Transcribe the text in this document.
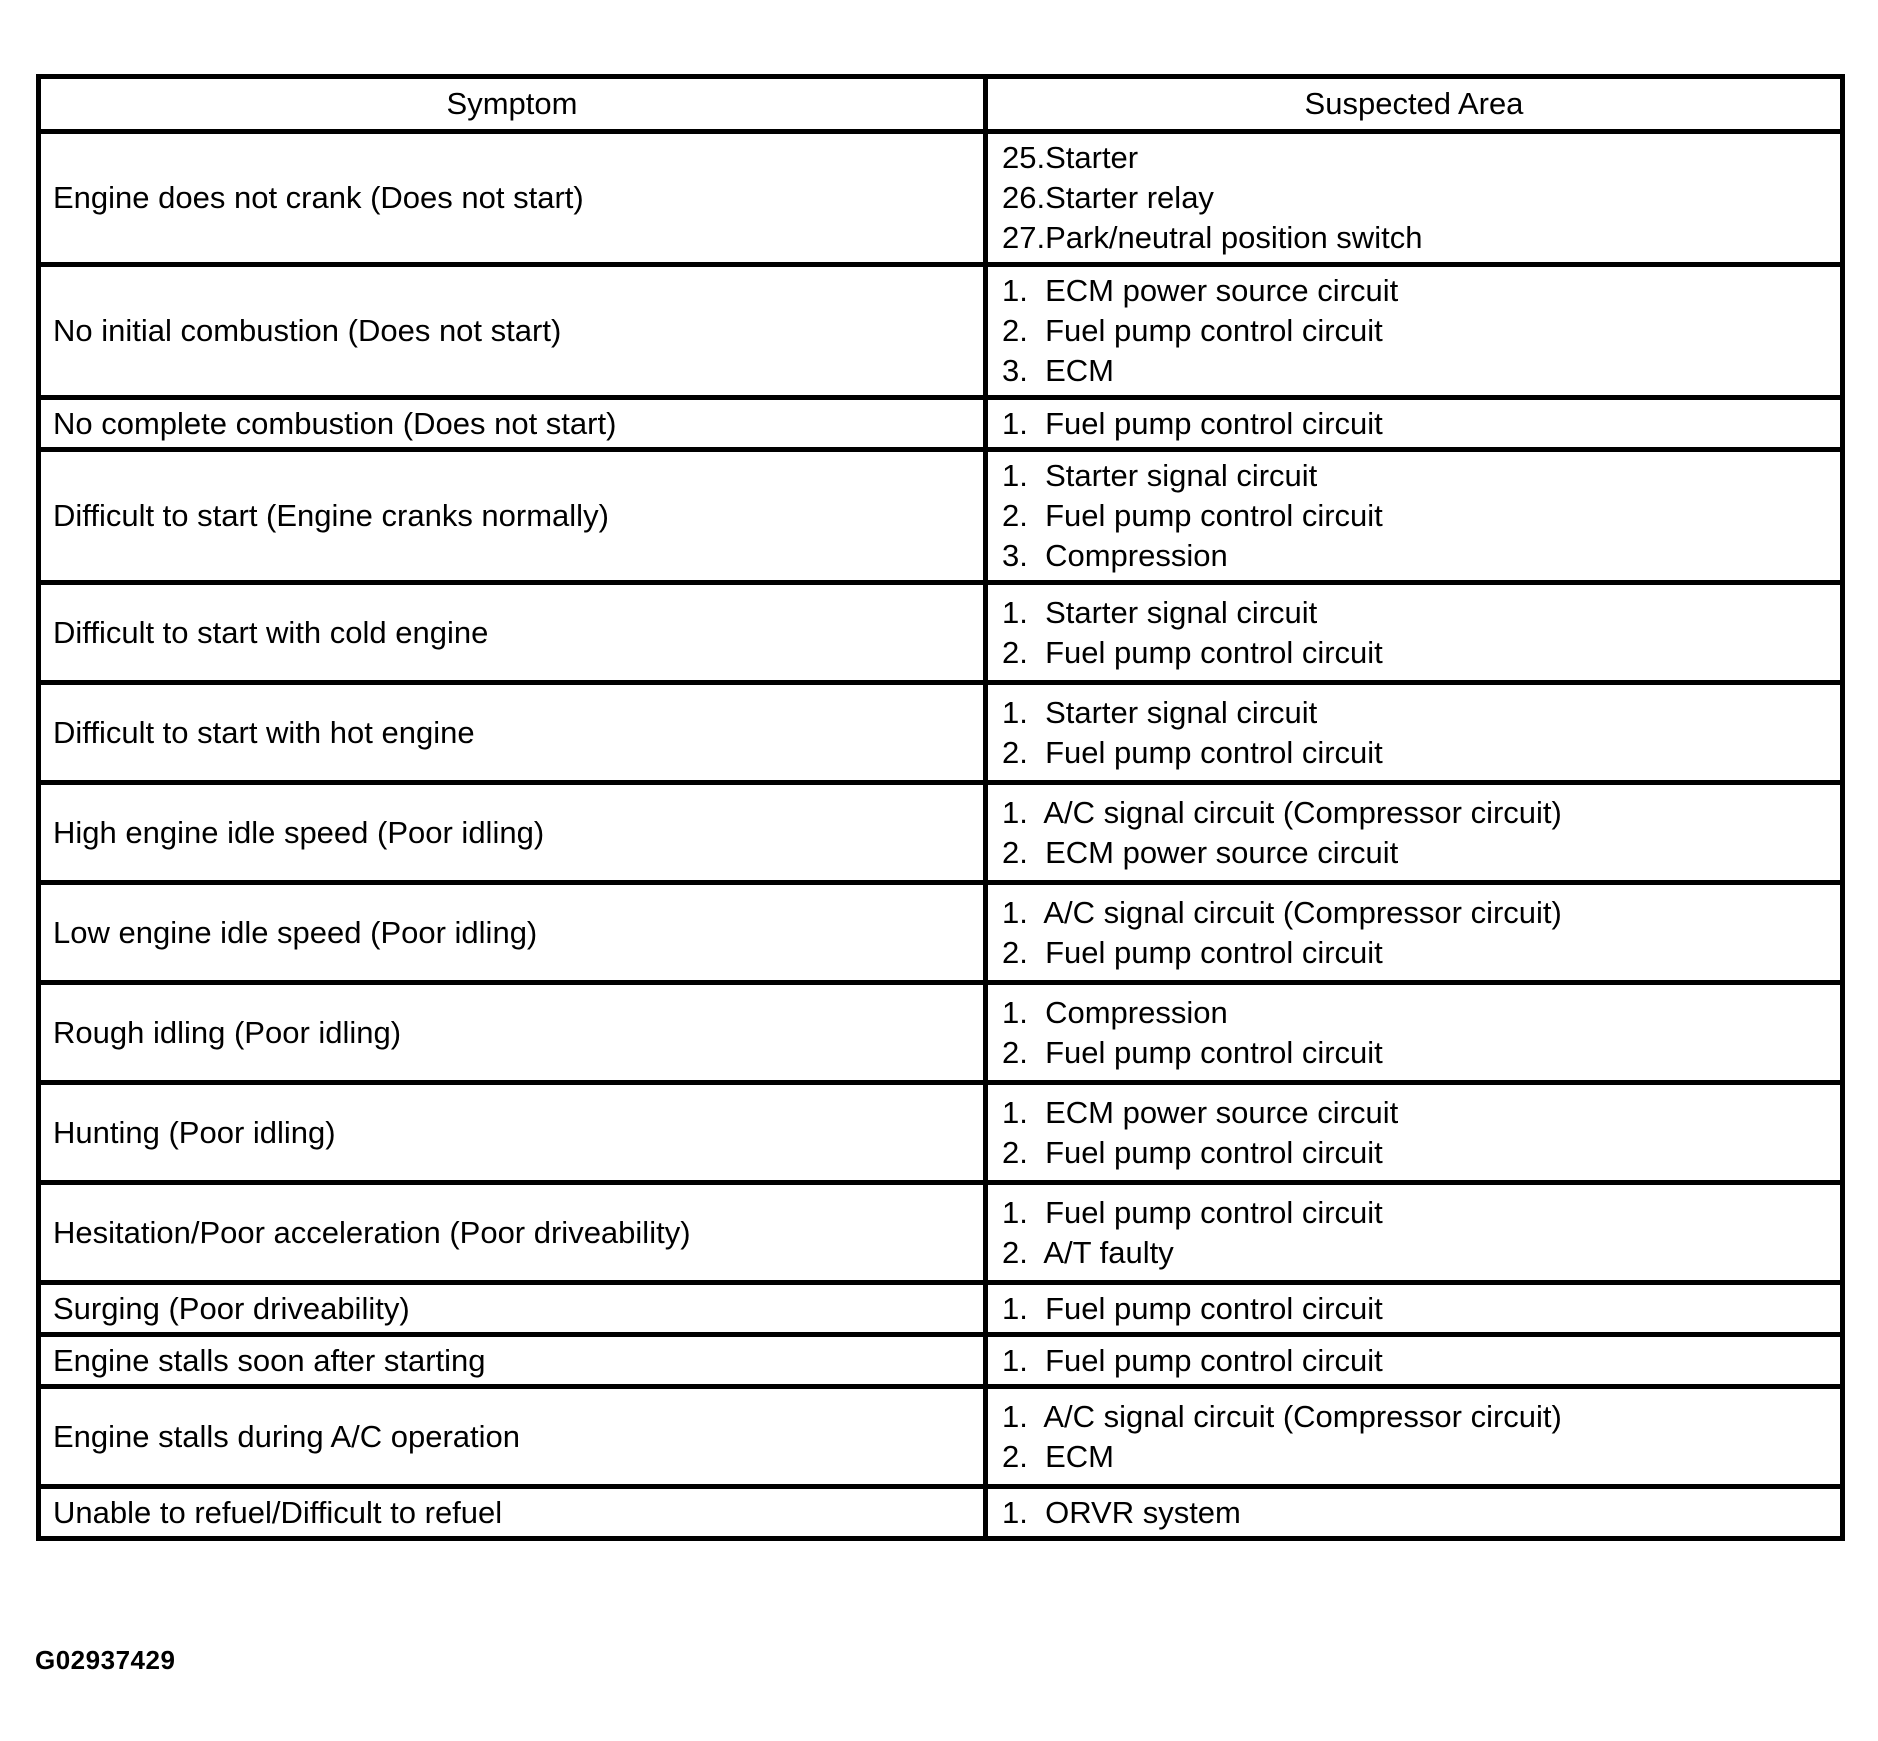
Symptom	Suspected Area
Engine does not crank (Does not start)	25.Starter
26.Starter relay
27.Park/neutral position switch

No initial combustion (Does not start)	1.  ECM power source circuit
2.  Fuel pump control circuit
3.  ECM

No complete combustion (Does not start)	1.  Fuel pump control circuit

Difficult to start (Engine cranks normally)	1.  Starter signal circuit
2.  Fuel pump control circuit
3.  Compression

Difficult to start with cold engine	1.  Starter signal circuit
2.  Fuel pump control circuit

Difficult to start with hot engine	1.  Starter signal circuit
2.  Fuel pump control circuit

High engine idle speed (Poor idling)	1.  A/C signal circuit (Compressor circuit)
2.  ECM power source circuit

Low engine idle speed (Poor idling)	1.  A/C signal circuit (Compressor circuit)
2.  Fuel pump control circuit

Rough idling (Poor idling)	1.  Compression
2.  Fuel pump control circuit

Hunting (Poor idling)	1.  ECM power source circuit
2.  Fuel pump control circuit

Hesitation/Poor acceleration (Poor driveability)	1.  Fuel pump control circuit
2.  A/T faulty

Surging (Poor driveability)	1.  Fuel pump control circuit

Engine stalls soon after starting	1.  Fuel pump control circuit

Engine stalls during A/C operation	1.  A/C signal circuit (Compressor circuit)
2.  ECM

Unable to refuel/Difficult to refuel	1.  ORVR system
G02937429
